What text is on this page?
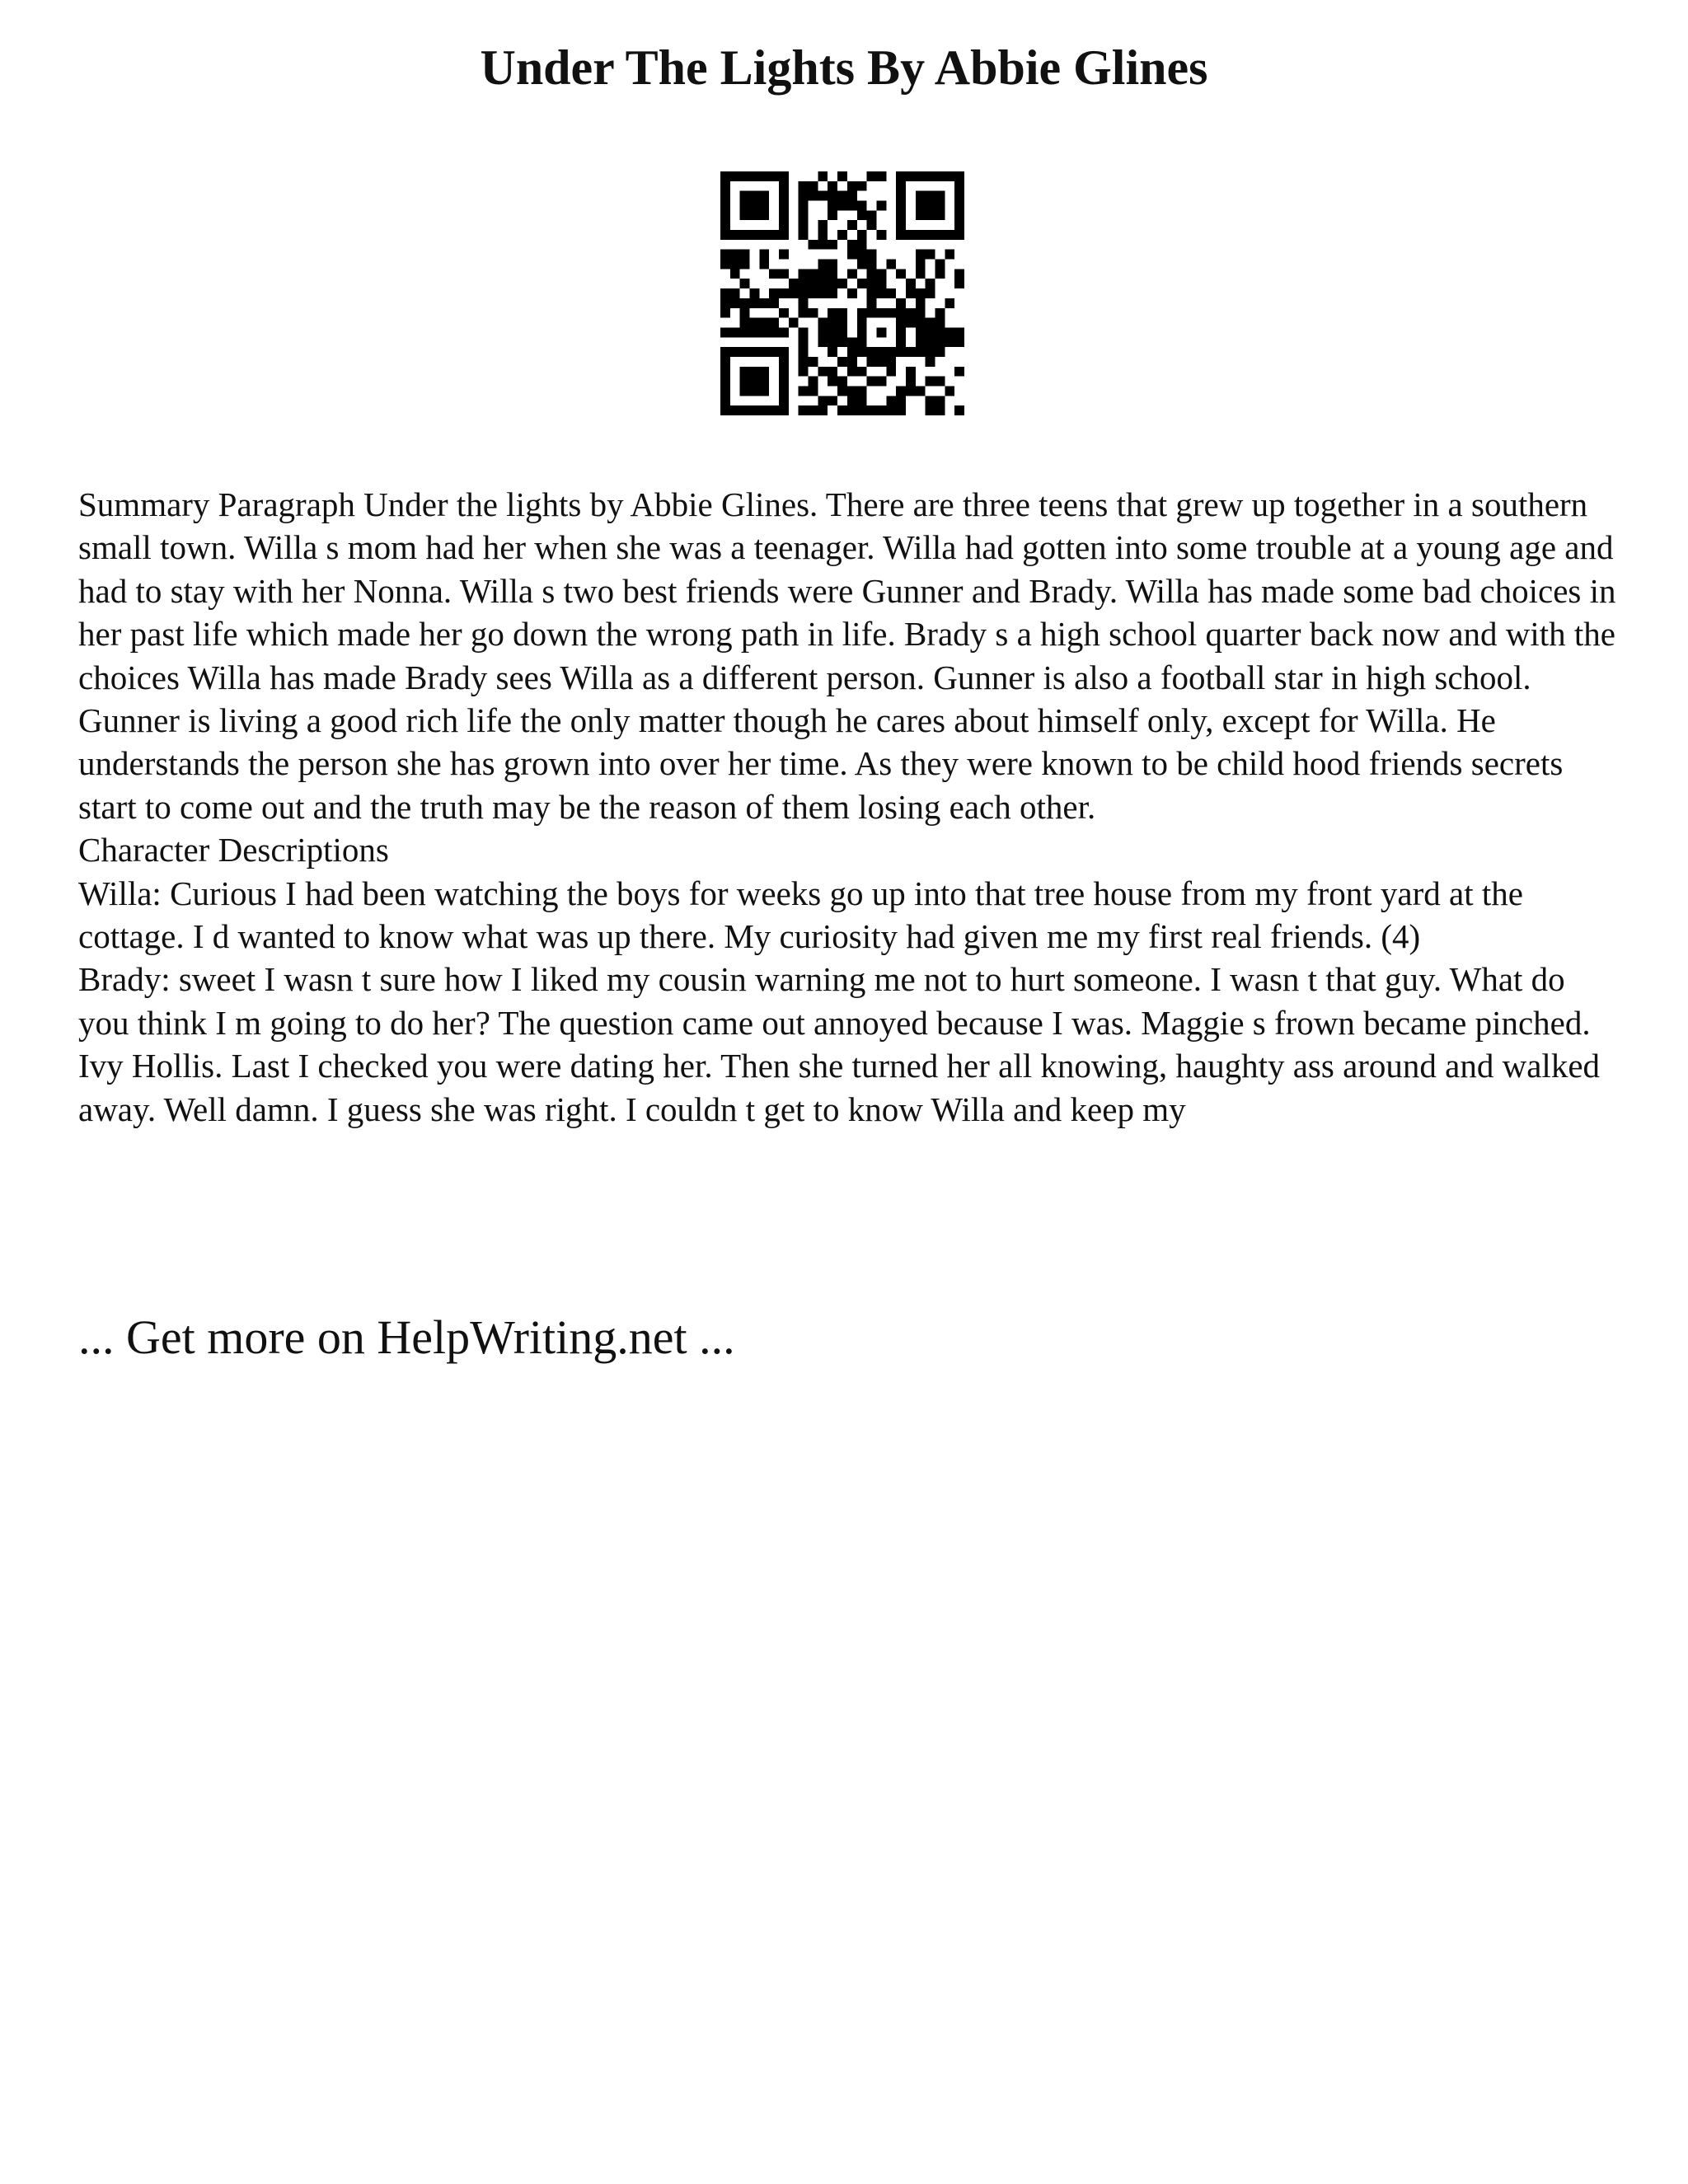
Under The Lights By Abbie Glines

Summary Paragraph Under the lights by Abbie Glines. There are three teens that grew up together in a southern small town. Willa s mom had her when she was a teenager. Willa had gotten into some trouble at a young age and had to stay with her Nonna. Willa s two best friends were Gunner and Brady. Willa has made some bad choices in her past life which made her go down the wrong path in life. Brady s a high school quarter back now and with the choices Willa has made Brady sees Willa as a different person. Gunner is also a football star in high school. Gunner is living a good rich life the only matter though he cares about himself only, except for Willa. He understands the person she has grown into over her time. As they were known to be child hood friends secrets start to come out and the truth may be the reason of them losing each other.

Character Descriptions

Willa: Curious I had been watching the boys for weeks go up into that tree house from my front yard at the cottage. I d wanted to know what was up there. My curiosity had given me my first real friends. (4)

Brady: sweet I wasn t sure how I liked my cousin warning me not to hurt someone. I wasn t that guy. What do you think I m going to do her? The question came out annoyed because I was. Maggie s frown became pinched. Ivy Hollis. Last I checked you were dating her. Then she turned her all knowing, haughty ass around and walked away. Well damn. I guess she was right. I couldn t get to know Willa and keep my

... Get more on HelpWriting.net ...
